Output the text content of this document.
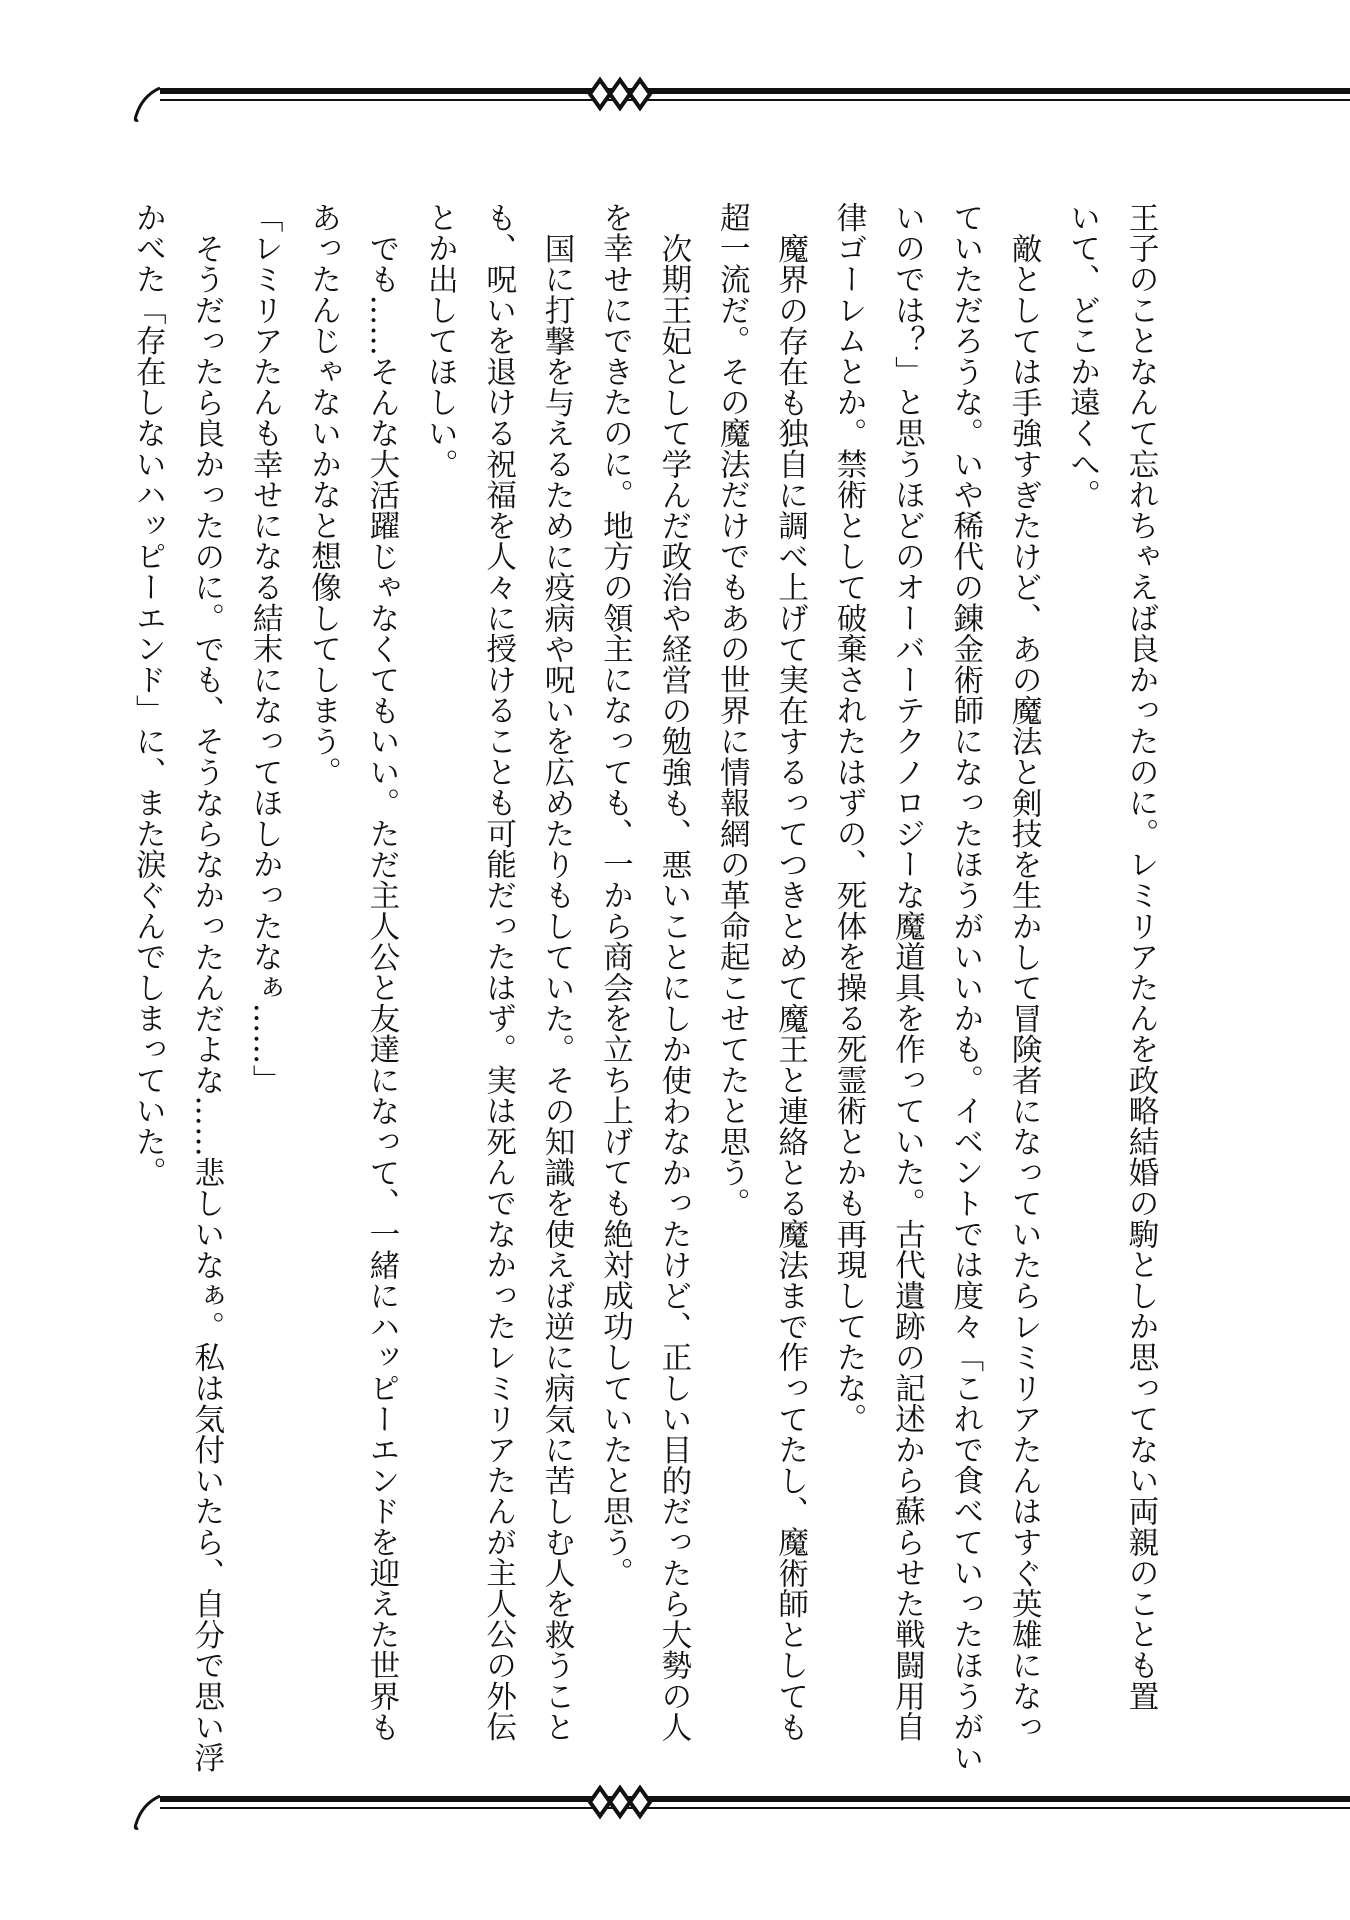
王子のことなんて忘れちゃえば良かったのに。レミリアたんを政略結婚の駒としか思ってない両親のことも置
いて、どこか遠くへ。
敵としては手強すぎたけど、あの魔法と剣技を生かして冒険者になっていたらレミリアたんはすぐ英雄になっ
ていただろうな。いや稀代の錬金術師になったほうがいいかも。イベントでは度々「これで食べていったほうがい
いのでは？」と思うほどのオーバーテクノロジーな魔道具を作っていた。古代遺跡の記述から蘇らせた戦闘用自
律ゴーレムとか。禁術として破棄されたはずの、死体を操る死霊術とかも再現してたな。
魔界の存在も独自に調べ上げて実在するってつきとめて魔王と連絡とる魔法まで作ってたし、魔術師としても
超一流だ。その魔法だけでもあの世界に情報網の革命起こせてたと思う。
次期王妃として学んだ政治や経営の勉強も、悪いことにしか使わなかったけど、正しい目的だったら大勢の人
を幸せにできたのに。地方の領主になっても、一から商会を立ち上げても絶対成功していたと思う。
国に打撃を与えるために疫病や呪いを広めたりもしていた。その知識を使えば逆に病気に苦しむ人を救うこと
も、呪いを退ける祝福を人々に授けることも可能だったはず。実は死んでなかったレミリアたんが主人公の外伝
とか出してほしい。
でも……そんな大活躍じゃなくてもいい。ただ主人公と友達になって、一緒にハッピーエンドを迎えた世界も
あったんじゃないかなと想像してしまう。
「レミリアたんも幸せになる結末になってほしかったなぁ……」
そうだったら良かったのに。でも、そうならなかったんだよな……悲しいなぁ。私は気付いたら、自分で思い浮
かべた「存在しないハッピーエンド」に、また涙ぐんでしまっていた。
